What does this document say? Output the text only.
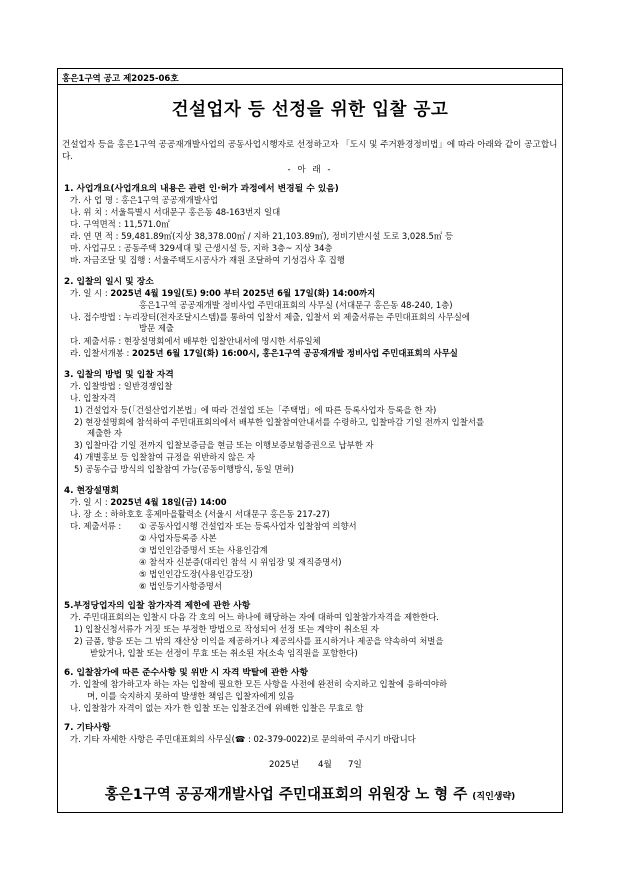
홍은1구역 공고 제2025-06호
건설업자 등 선정을 위한 입찰 공고
건설업자 등을 홍은1구역 공공재개발사업의 공동사업시행자로 선정하고자 「도시 및 주거환경정비법」에 따라 아래와 같이 공고합니다.
- 아 래 -
1. 사업개요(사업개요의 내용은 관련 인·허가 과정에서 변경될 수 있음)
가. 사 업 명 : 홍은1구역 공공재개발사업
나. 위 치 : 서울특별시 서대문구 홍은동 48-163번지 일대
다. 구역면적 : 11,571.0㎡
라. 연 면 적 : 59,481.89㎡(지상 38,378.00㎡ / 지하 21,103.89㎡), 정비기반시설 도로 3,028.5㎡ 등
마. 사업규모 : 공동주택 329세대 및 근생시설 등, 지하 3층~ 지상 34층
바. 자금조달 및 집행 : 서울주택도시공사가 재원 조달하여 기성검사 후 집행
2. 입찰의 일시 및 장소
가. 일 시 : 2025년 4월 19일(토) 9:00 부터 2025년 6월 17일(화) 14:00까지
홍은1구역 공공재개발 정비사업 주민대표회의 사무실 (서대문구 홍은동 48-240, 1층)
나. 접수방법 : 누리장터(전자조달시스템)를 통하여 입찰서 제출, 입찰서 외 제출서류는 주민대표회의 사무실에
방문 제출
다. 제출서류 : 현장설명회에서 배부한 입찰안내서에 명시한 서류일체
라. 입찰서개봉 : 2025년 6월 17일(화) 16:00시, 홍은1구역 공공재개발 정비사업 주민대표회의 사무실
3. 입찰의 방법 및 입찰 자격
가. 입찰방법 : 일반경쟁입찰
나. 입찰자격
1) 건설업자 등(「건설산업기본법」에 따라 건설업 또는「주택법」에 따른 등록사업자 등록을 한 자)
2) 현장설명회에 참석하여 주민대표회의에서 배부한 입찰참여안내서를 수령하고, 입찰마감 기일 전까지 입찰서를
제출한 자
3) 입찰마감 기일 전까지 입찰보증금을 현금 또는 이행보증보험증권으로 납부한 자
4) 개별홍보 등 입찰참여 규정을 위반하지 않은 자
5) 공동수급 방식의 입찰참여 가능(공동이행방식, 동일 면허)
4. 현장설명회
가. 일 시 : 2025년 4월 18일(금) 14:00
나. 장 소 : 하하호호 홍제마을활력소 (서울시 서대문구 홍은동 217-27)
다. 제출서류 : ① 공동사업시행 건설업자 또는 등록사업자 입찰참여 의향서
② 사업자등록증 사본
③ 법인인감증명서 또는 사용인감계
④ 참석자 신분증(대리인 참석 시 위임장 및 재직증명서)
⑤ 법인인감도장(사용인감도장)
⑥ 법인등기사항증명서
5.부정당업자의 입찰 참가자격 제한에 관한 사항
가. 주민대표회의는 입찰시 다음 각 호의 어느 하나에 해당하는 자에 대하여 입찰참가자격을 제한한다.
1) 입찰신청서류가 거짓 또는 부정한 방법으로 작성되어 선정 또는 계약이 취소된 자
2) 금품, 향응 또는 그 밖의 재산상 이익을 제공하거나 제공의사를 표시하거나 제공을 약속하여 처벌을
받았거나, 입찰 또는 선정이 무효 또는 취소된 자(소속 임직원을 포함한다)
6. 입찰참가에 따른 준수사항 및 위반 시 자격 박탈에 관한 사항
가. 입찰에 참가하고자 하는 자는 입찰에 필요한 모든 사항을 사전에 완전히 숙지하고 입찰에 응하여야하
며, 이를 숙지하지 못하여 발생한 책임은 입찰자에게 있음
나. 입찰참가 자격이 없는 자가 한 입찰 또는 입찰조건에 위배한 입찰은 무효로 함
7. 기타사항
가. 기타 자세한 사항은 주민대표회의 사무실(☎ : 02-379-0022)로 문의하여 주시기 바랍니다
2025년 4월 7일
홍은1구역 공공재개발사업 주민대표회의 위원장 노 형 주 (직인생략)
